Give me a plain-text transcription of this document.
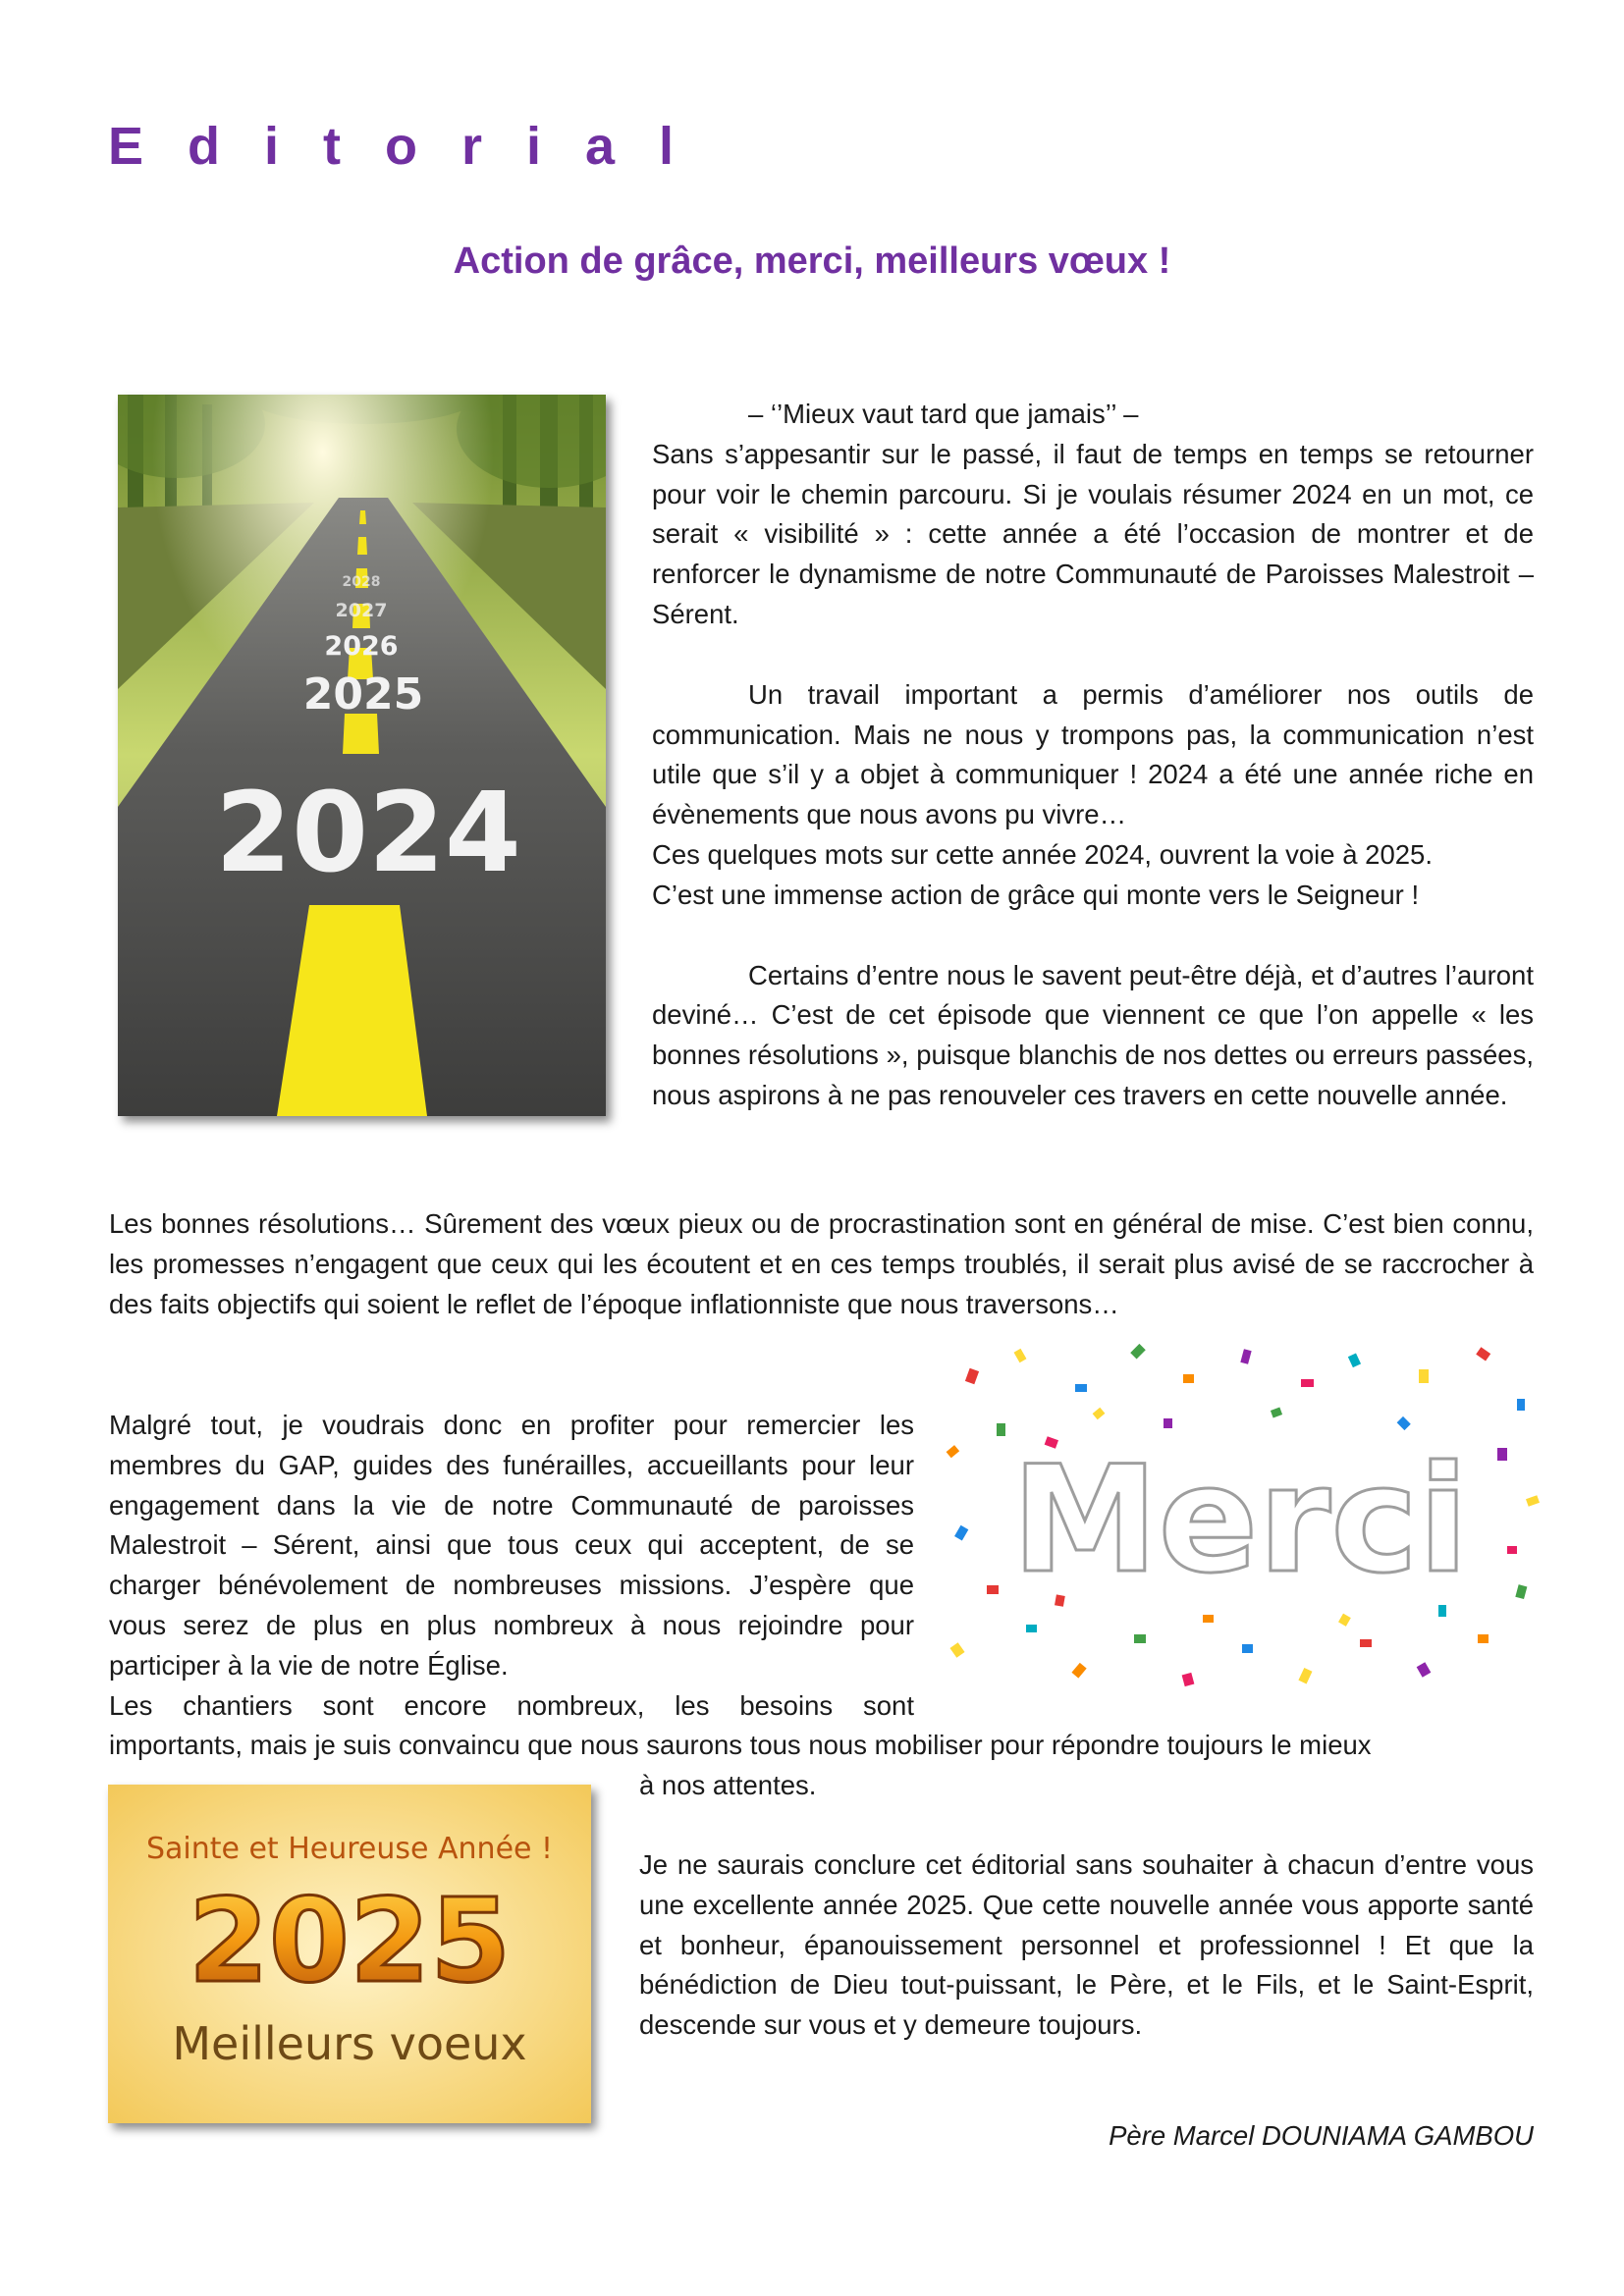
E d i t o r i a l
Action de grâce, merci, meilleurs vœux !
2028
2027
2026
2025
2024

– ‘’Mieux vaut tard que jamais’’ –

Sans s’appesantir sur le passé, il faut de temps en temps se retourner pour voir le chemin parcouru. Si je voulais résumer 2024 en un mot, ce serait « visibilité » : cette année a été l’occasion de montrer et de renforcer le dynamisme de notre Communauté de Paroisses Malestroit – Sérent.

Un travail important a permis d’améliorer nos outils de communication. Mais ne nous y trompons pas, la communication n’est utile que s’il y a objet à communiquer ! 2024 a été une année riche en évènements que nous avons pu vivre…

Ces quelques mots sur cette année 2024, ouvrent la voie à 2025.

C’est une immense action de grâce qui monte vers le Seigneur !

Certains d’entre nous le savent peut-être déjà, et d’autres l’auront deviné… C’est de cet épisode que viennent ce que l’on appelle « les bonnes résolutions », puisque blanchis de nos dettes ou erreurs passées, nous aspirons à ne pas renouveler ces travers en cette nouvelle année.

Les bonnes résolutions… Sûrement des vœux pieux ou de procrastination sont en général de mise. C’est bien connu, les promesses n’engagent que ceux qui les écoutent et en ces temps troublés, il serait plus avisé de se raccrocher à des faits objectifs qui soient le reflet de l’époque inflationniste que nous traversons…

Merci

Malgré tout, je voudrais donc en profiter pour remercier les membres du GAP, guides des funérailles, accueillants pour leur engagement dans la vie de notre Communauté de paroisses Malestroit – Sérent, ainsi que tous ceux qui acceptent, de se charger bénévolement de nombreuses missions. J’espère que vous serez de plus en plus nombreux à nous rejoindre pour participer à la vie de notre Église.

Les chantiers sont encore nombreux, les besoins sont

importants, mais je suis convaincu que nous saurons tous nous mobiliser pour répondre toujours le mieux

à nos attentes.

Sainte et Heureuse Année !
2025
Meilleurs voeux

Je ne saurais conclure cet éditorial sans souhaiter à chacun d’entre vous une excellente année 2025. Que cette nouvelle année vous apporte santé et bonheur, épanouissement personnel et professionnel ! Et que la bénédiction de Dieu tout-puissant, le Père, et le Fils, et le Saint-Esprit, descende sur vous et y demeure toujours.

Père Marcel DOUNIAMA GAMBOU
